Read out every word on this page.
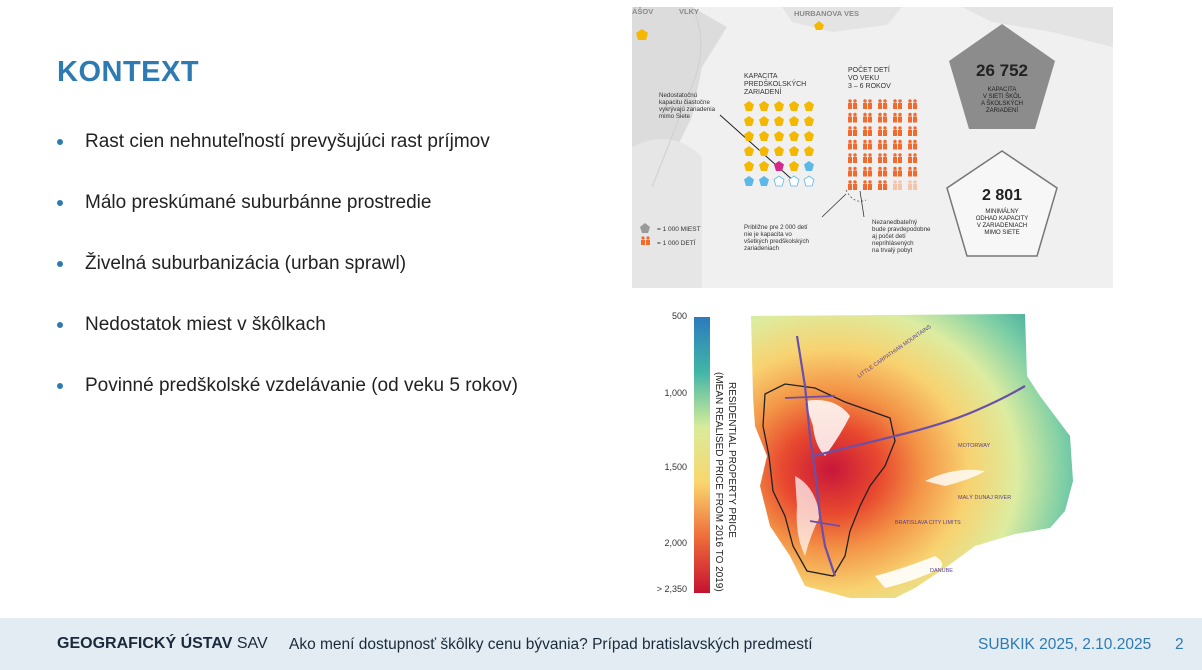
KONTEXT
Rast cien nehnuteľností prevyšujúci rast príjmov
Málo preskúmané suburbánne prostredie
Živelná suburbanizácia (urban sprawl)
Nedostatok miest v škôlkach
Povinné predškolské vzdelávanie (od veku 5 rokov)
ÁŠOV	VLKY	HURBANOVA VES
KAPACITA
PREDŠKOLSKÝCH
ZARIADENÍ
POČET DETÍ
VO VEKU
3 – 6 ROKOV
Nedostatočnú
kapacitu čiastočne
vykrývajú zariadenia
mimo Siete
Približne pre 2 000 detí
nie je kapacita vo
všetkých predškolských
zariadeniach
Nezanedbateľný
bude pravdepodobne
aj počet detí
neprihlásených
na trvalý pobyt
= 1 000 MIEST
= 1 000 DETÍ
26 752
KAPACITA
V SIETI ŠKÔL
A ŠKOLSKÝCH
ZARIADENÍ
2 801
MINIMÁLNY
ODHAD KAPACITY
V ZARIADENIACH
MIMO SIETE
500
1,000
1,500
2,000
> 2,350
RESIDENTIAL PROPERTY PRICE
(MEAN REALISED PRICE FROM 2016 TO 2019)
LITTLE CARPATHIAN MOUNTAINS
MOTORWAY
MALÝ DUNAJ RIVER
BRATISLAVA CITY LIMITS
DANUBE
GEOGRAFICKÝ ÚSTAV SAV Ako mení dostupnosť škôlky cenu bývania? Prípad bratislavských predmestí	SUBKIK 2025, 2.10.2025 2
